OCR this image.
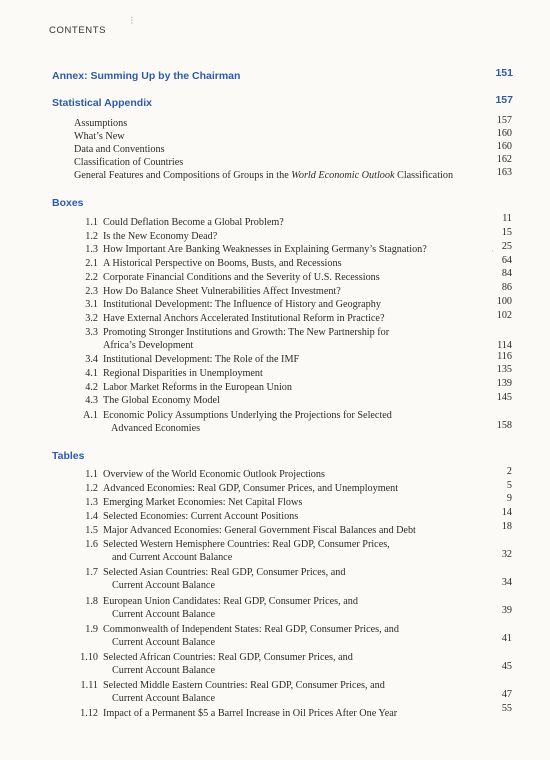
CONTENTS
Annex: Summing Up by the Chairman	151
Statistical Appendix	157
Assumptions	157
What’s New	160
Data and Conventions	160
Classification of Countries	162
General Features and Compositions of Groups in the World Economic Outlook Classification	163
Boxes
1.1 Could Deflation Become a Global Problem?	11
1.2 Is the New Economy Dead?	15
1.3 How Important Are Banking Weaknesses in Explaining Germany’s Stagnation?	25
2.1 A Historical Perspective on Booms, Busts, and Recessions	64
2.2 Corporate Financial Conditions and the Severity of U.S. Recessions	84
2.3 How Do Balance Sheet Vulnerabilities Affect Investment?	86
3.1 Institutional Development: The Influence of History and Geography	100
3.2 Have External Anchors Accelerated Institutional Reform in Practice?	102
3.3 Promoting Stronger Institutions and Growth: The New Partnership for
Africa’s Development	114
3.4 Institutional Development: The Role of the IMF	116
4.1 Regional Disparities in Unemployment	135
4.2 Labor Market Reforms in the European Union	139
4.3 The Global Economy Model	145
A.1 Economic Policy Assumptions Underlying the Projections for Selected
Advanced Economies	158
Tables
1.1 Overview of the World Economic Outlook Projections	2
1.2 Advanced Economies: Real GDP, Consumer Prices, and Unemployment	5
1.3 Emerging Market Economies: Net Capital Flows	9
1.4 Selected Economies: Current Account Positions	14
1.5 Major Advanced Economies: General Government Fiscal Balances and Debt	18
1.6 Selected Western Hemisphere Countries: Real GDP, Consumer Prices,
and Current Account Balance	32
1.7 Selected Asian Countries: Real GDP, Consumer Prices, and
Current Account Balance	34
1.8 European Union Candidates: Real GDP, Consumer Prices, and
Current Account Balance	39
1.9 Commonwealth of Independent States: Real GDP, Consumer Prices, and
Current Account Balance	41
1.10 Selected African Countries: Real GDP, Consumer Prices, and
Current Account Balance	45
1.11 Selected Middle Eastern Countries: Real GDP, Consumer Prices, and
Current Account Balance	47
1.12 Impact of a Permanent $5 a Barrel Increase in Oil Prices After One Year	55
⁝
·
